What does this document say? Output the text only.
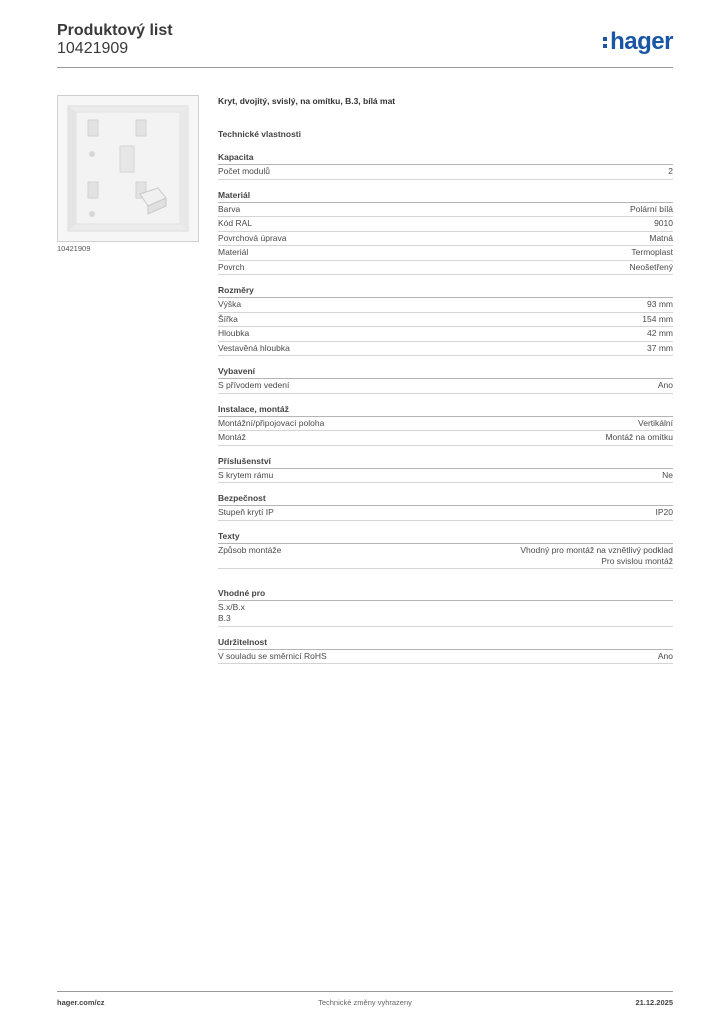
Produktový list
10421909	hager
10421909
Kryt, dvojitý, svislý, na omítku, B.3, bílá mat
Technické vlastnosti
Kapacita
Počet modulů	2
Materiál
Barva	Polární bílá
Kód RAL	9010
Povrchová úprava	Matná
Materiál	Termoplast
Povrch	Neošetřený
Rozměry
Výška	93 mm
Šířka	154 mm
Hloubka	42 mm
Vestavěná hloubka	37 mm
Vybavení
S přívodem vedení	Ano
Instalace, montáž
Montážní/připojovací poloha	Vertikální
Montáž	Montáž na omítku
Příslušenství
S krytem rámu	Ne
Bezpečnost
Stupeň krytí IP	IP20
Texty
Způsob montáže	Vhodný pro montáž na vznětlivý podklad
Pro svislou montáž
Vhodné pro
S.x/B.x
B.3
Udržitelnost
V souladu se směrnicí RoHS	Ano
hager.com/cz	Technické změny vyhrazeny	21.12.2025
